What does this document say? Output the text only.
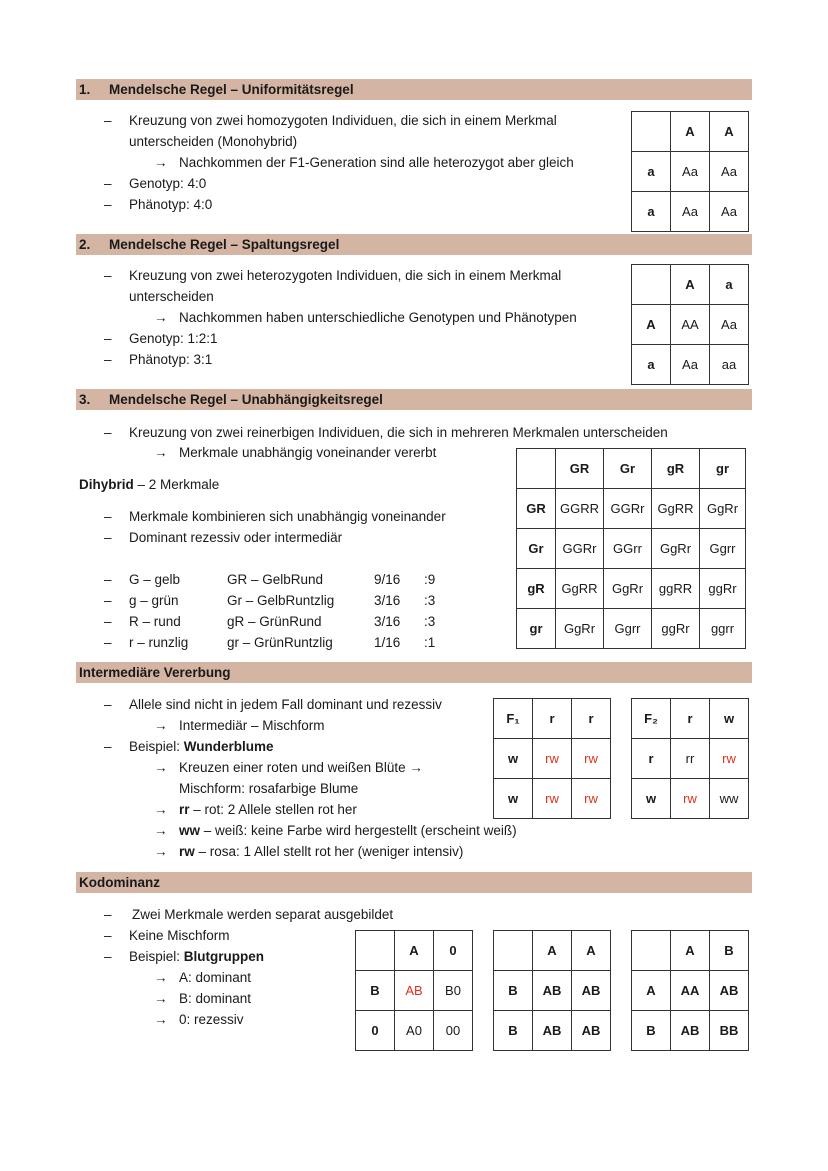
1. Mendelsche Regel – Uniformitätsregel
– Kreuzung von zwei homozygoten Individuen, die sich in einem Merkmal
unterscheiden (Monohybrid)
→ Nachkommen der F1-Generation sind alle heterozygot aber gleich
– Genotyp: 4:0
– Phänotyp: 4:0
	A	A
a	Aa	Aa
a	Aa	Aa
2. Mendelsche Regel – Spaltungsregel
– Kreuzung von zwei heterozygoten Individuen, die sich in einem Merkmal
unterscheiden
→ Nachkommen haben unterschiedliche Genotypen und Phänotypen
– Genotyp: 1:2:1
– Phänotyp: 3:1
	A	a
A	AA	Aa
a	Aa	aa
3. Mendelsche Regel – Unabhängigkeitsregel
– Kreuzung von zwei reinerbigen Individuen, die sich in mehreren Merkmalen unterscheiden
→ Merkmale unabhängig voneinander vererbt
Dihybrid – 2 Merkmale
– Merkmale kombinieren sich unabhängig voneinander
– Dominant rezessiv oder intermediär
– G – gelb	GR – GelbRund	9/16 :9
– g – grün	Gr – GelbRuntzlig	3/16 :3
– R – rund	gR – GrünRund	3/16 :3
– r – runzlig	gr – GrünRuntzlig	1/16 :1
	GR	Gr	gR	gr
GR	GGRR	GGRr	GgRR	GgRr
Gr	GGRr	GGrr	GgRr	Ggrr
gR	GgRR	GgRr	ggRR	ggRr
gr	GgRr	Ggrr	ggRr	ggrr
Intermediäre Vererbung
– Allele sind nicht in jedem Fall dominant und rezessiv
→ Intermediär – Mischform
– Beispiel: Wunderblume
→ Kreuzen einer roten und weißen Blüte →
Mischform: rosafarbige Blume
→ rr – rot: 2 Allele stellen rot her
→ ww – weiß: keine Farbe wird hergestellt (erscheint weiß)
→ rw – rosa: 1 Allel stellt rot her (weniger intensiv)
F₁	r	r
w	rw	rw
w	rw	rw
F₂	r	w
r	rr	rw
w	rw	ww
Kodominanz
– Zwei Merkmale werden separat ausgebildet
– Keine Mischform
– Beispiel: Blutgruppen
→ A: dominant
→ B: dominant
→ 0: rezessiv
	A	0
B	AB	B0
0	A0	00
	A	A
B	AB	AB
B	AB	AB
	A	B
A	AA	AB
B	AB	BB
